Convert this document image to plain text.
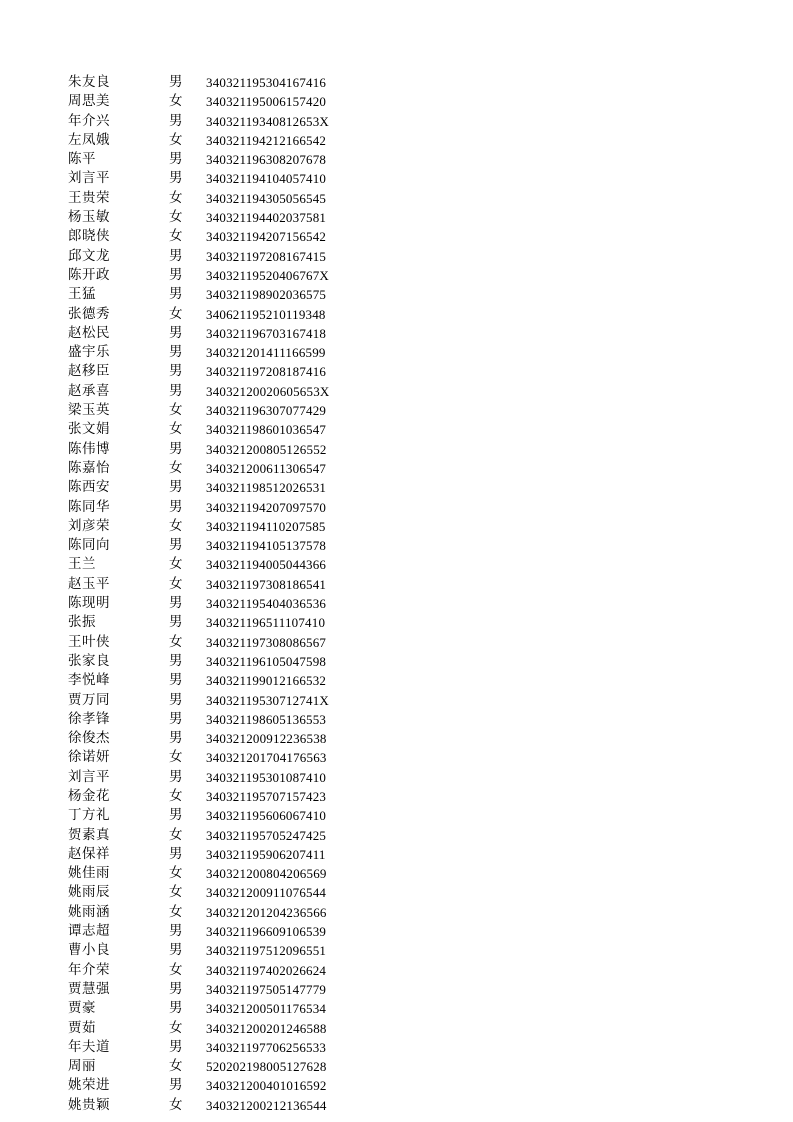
朱友良	男	340321195304167416
周思美	女	340321195006157420
年介兴	男	34032119340812653X
左凤娥	女	340321194212166542
陈平	男	340321196308207678
刘言平	男	340321194104057410
王贵荣	女	340321194305056545
杨玉敏	女	340321194402037581
郎晓侠	女	340321194207156542
邱文龙	男	340321197208167415
陈开政	男	34032119520406767X
王猛	男	340321198902036575
张德秀	女	340621195210119348
赵松民	男	340321196703167418
盛宇乐	男	340321201411166599
赵移臣	男	340321197208187416
赵承喜	男	34032120020605653X
梁玉英	女	340321196307077429
张文娟	女	340321198601036547
陈伟博	男	340321200805126552
陈嘉怡	女	340321200611306547
陈西安	男	340321198512026531
陈同华	男	340321194207097570
刘彦荣	女	340321194110207585
陈同向	男	340321194105137578
王兰	女	340321194005044366
赵玉平	女	340321197308186541
陈现明	男	340321195404036536
张振	男	340321196511107410
王叶侠	女	340321197308086567
张家良	男	340321196105047598
李悦峰	男	340321199012166532
贾万同	男	34032119530712741X
徐孝锋	男	340321198605136553
徐俊杰	男	340321200912236538
徐诺妍	女	340321201704176563
刘言平	男	340321195301087410
杨金花	女	340321195707157423
丁方礼	男	340321195606067410
贺素真	女	340321195705247425
赵保祥	男	340321195906207411
姚佳雨	女	340321200804206569
姚雨辰	女	340321200911076544
姚雨涵	女	340321201204236566
谭志超	男	340321196609106539
曹小良	男	340321197512096551
年介荣	女	340321197402026624
贾慧强	男	340321197505147779
贾豪	男	340321200501176534
贾茹	女	340321200201246588
年夫道	男	340321197706256533
周丽	女	520202198005127628
姚荣进	男	340321200401016592
姚贵颖	女	340321200212136544
